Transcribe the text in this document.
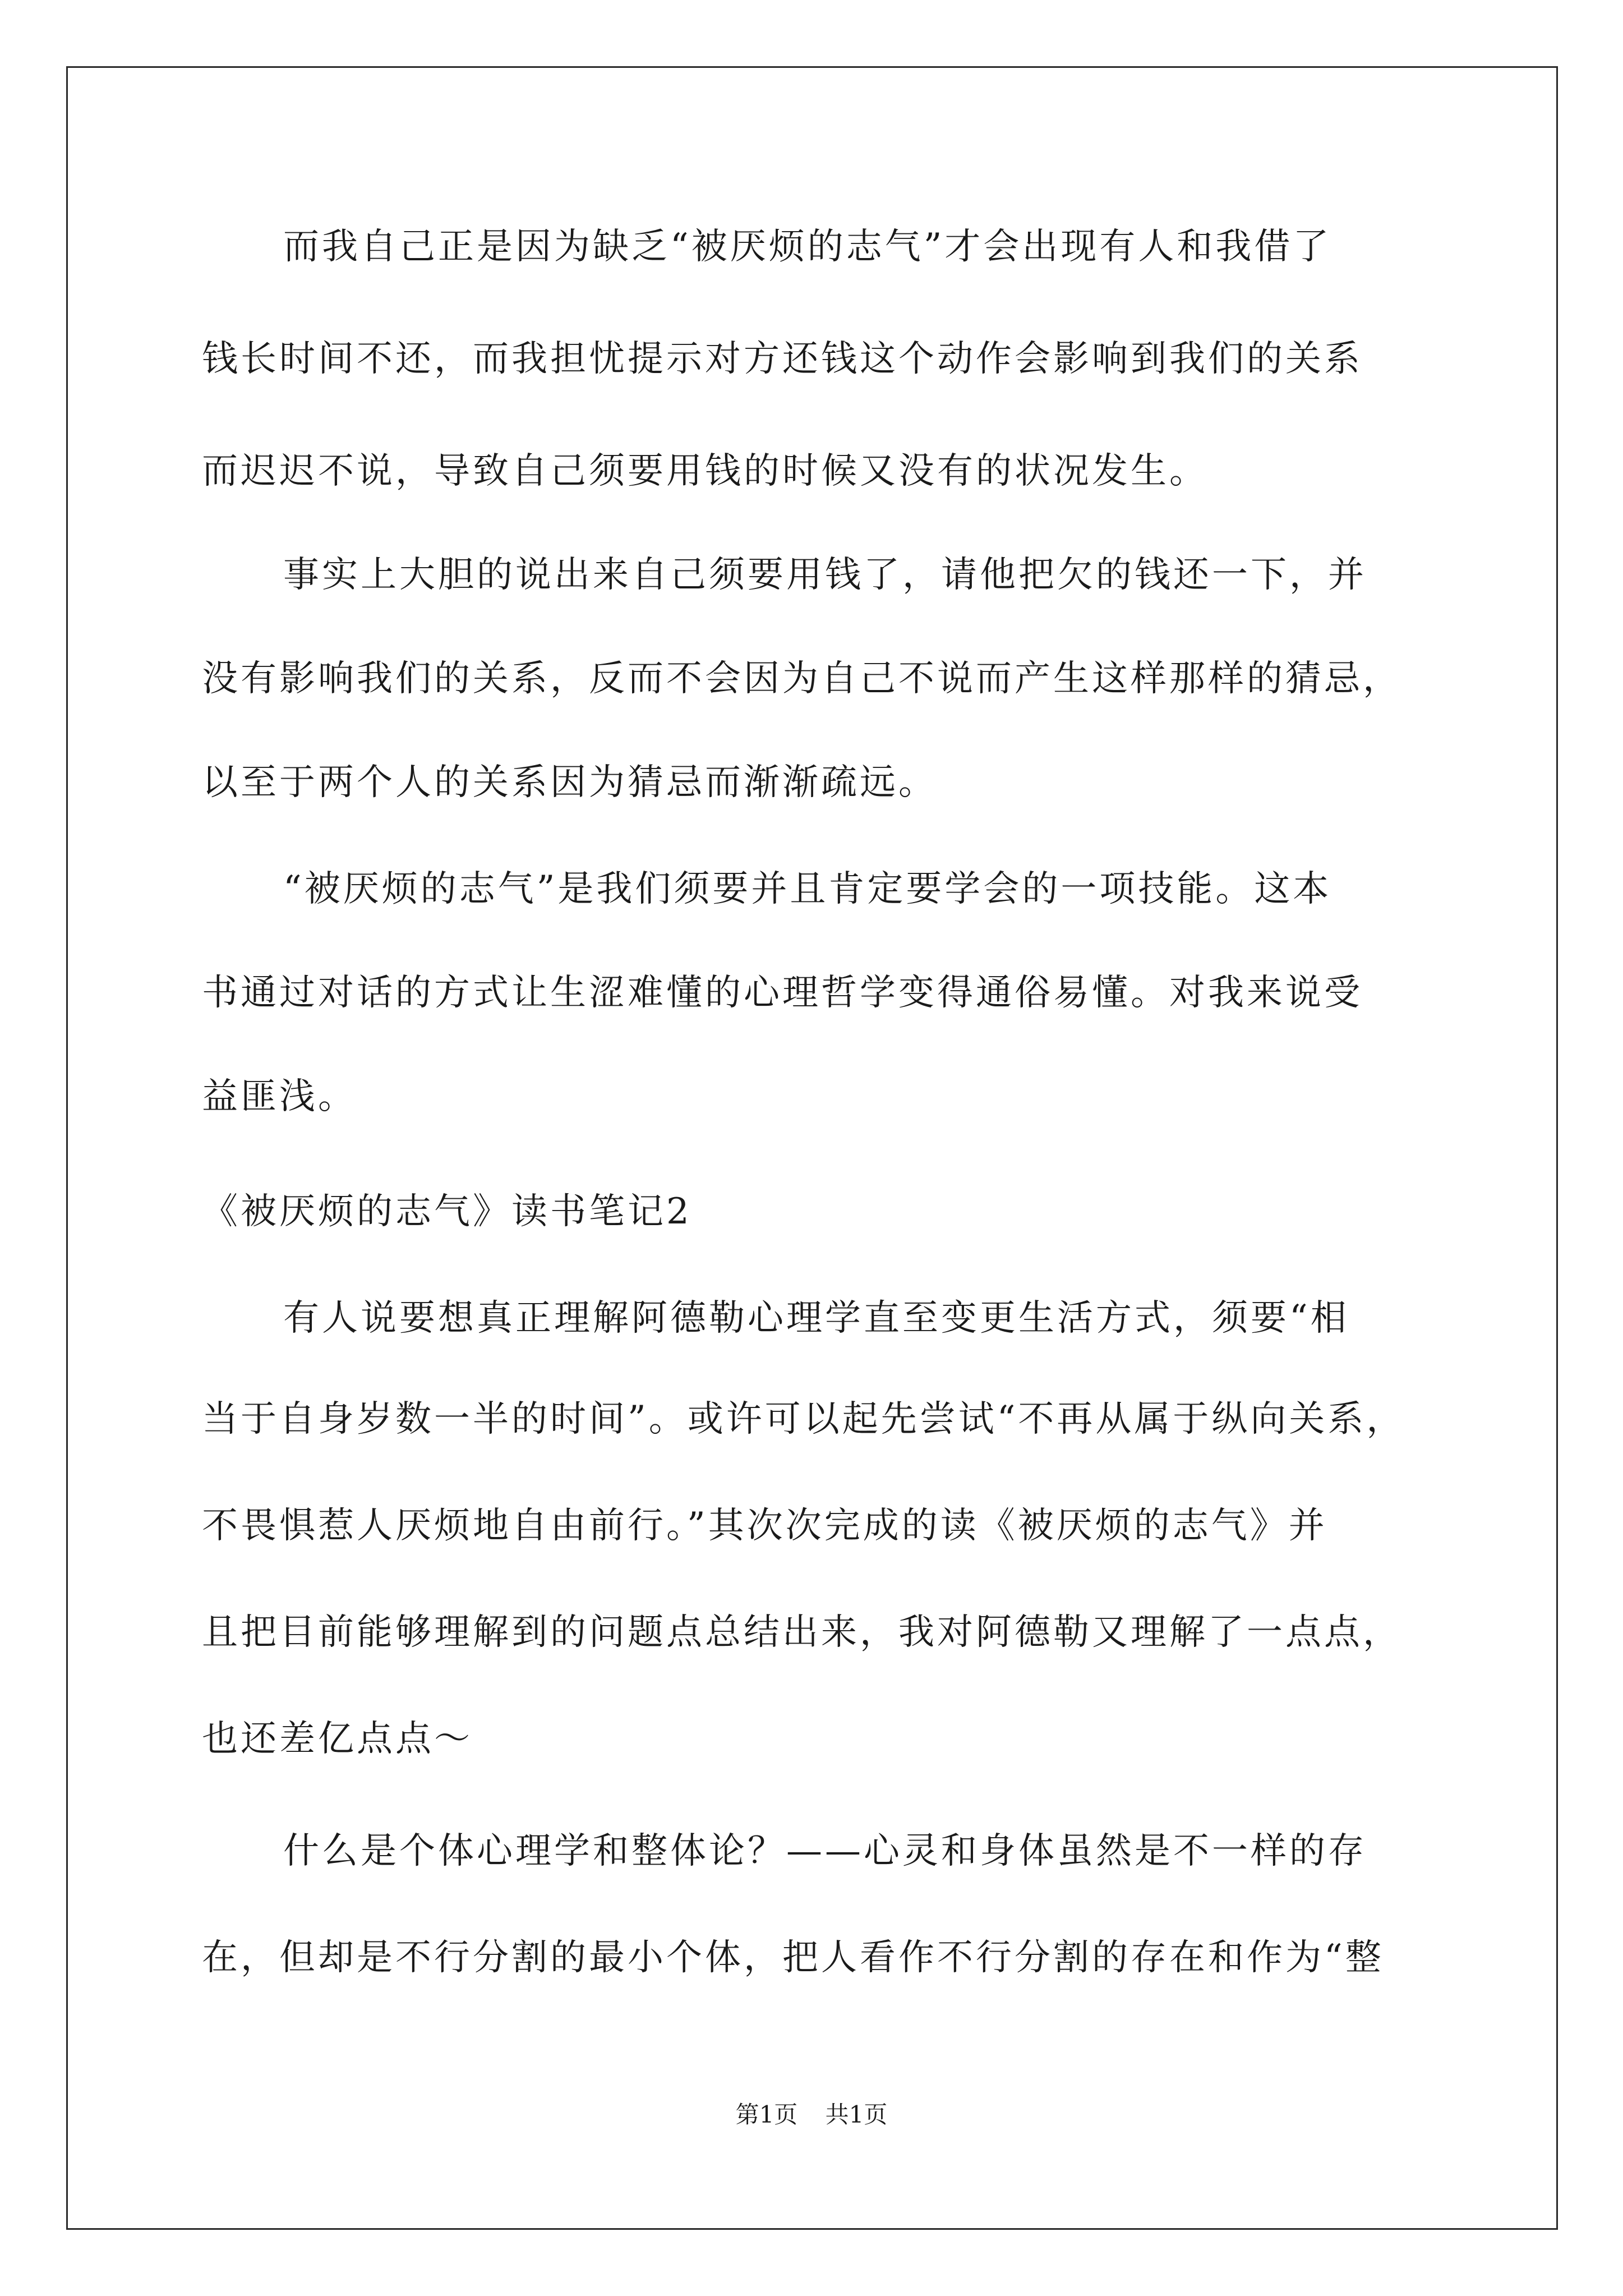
而我自己正是因为缺乏“被厌烦的志气”才会出现有人和我借了
钱长时间不还，而我担忧提示对方还钱这个动作会影响到我们的关系
而迟迟不说，导致自己须要用钱的时候又没有的状况发生。
事实上大胆的说出来自己须要用钱了，请他把欠的钱还一下，并
没有影响我们的关系，反而不会因为自己不说而产生这样那样的猜忌，
以至于两个人的关系因为猜忌而渐渐疏远。
“被厌烦的志气”是我们须要并且肯定要学会的一项技能。这本
书通过对话的方式让生涩难懂的心理哲学变得通俗易懂。对我来说受
益匪浅。
《被厌烦的志气》读书笔记2
有人说要想真正理解阿德勒心理学直至变更生活方式，须要“相
当于自身岁数一半的时间”。或许可以起先尝试“不再从属于纵向关系，
不畏惧惹人厌烦地自由前行。”其次次完成的读《被厌烦的志气》并
且把目前能够理解到的问题点总结出来，我对阿德勒又理解了一点点，
也还差亿点点～
什么是个体心理学和整体论？——心灵和身体虽然是不一样的存
在，但却是不行分割的最小个体，把人看作不行分割的存在和作为“整
第1页 共1页
